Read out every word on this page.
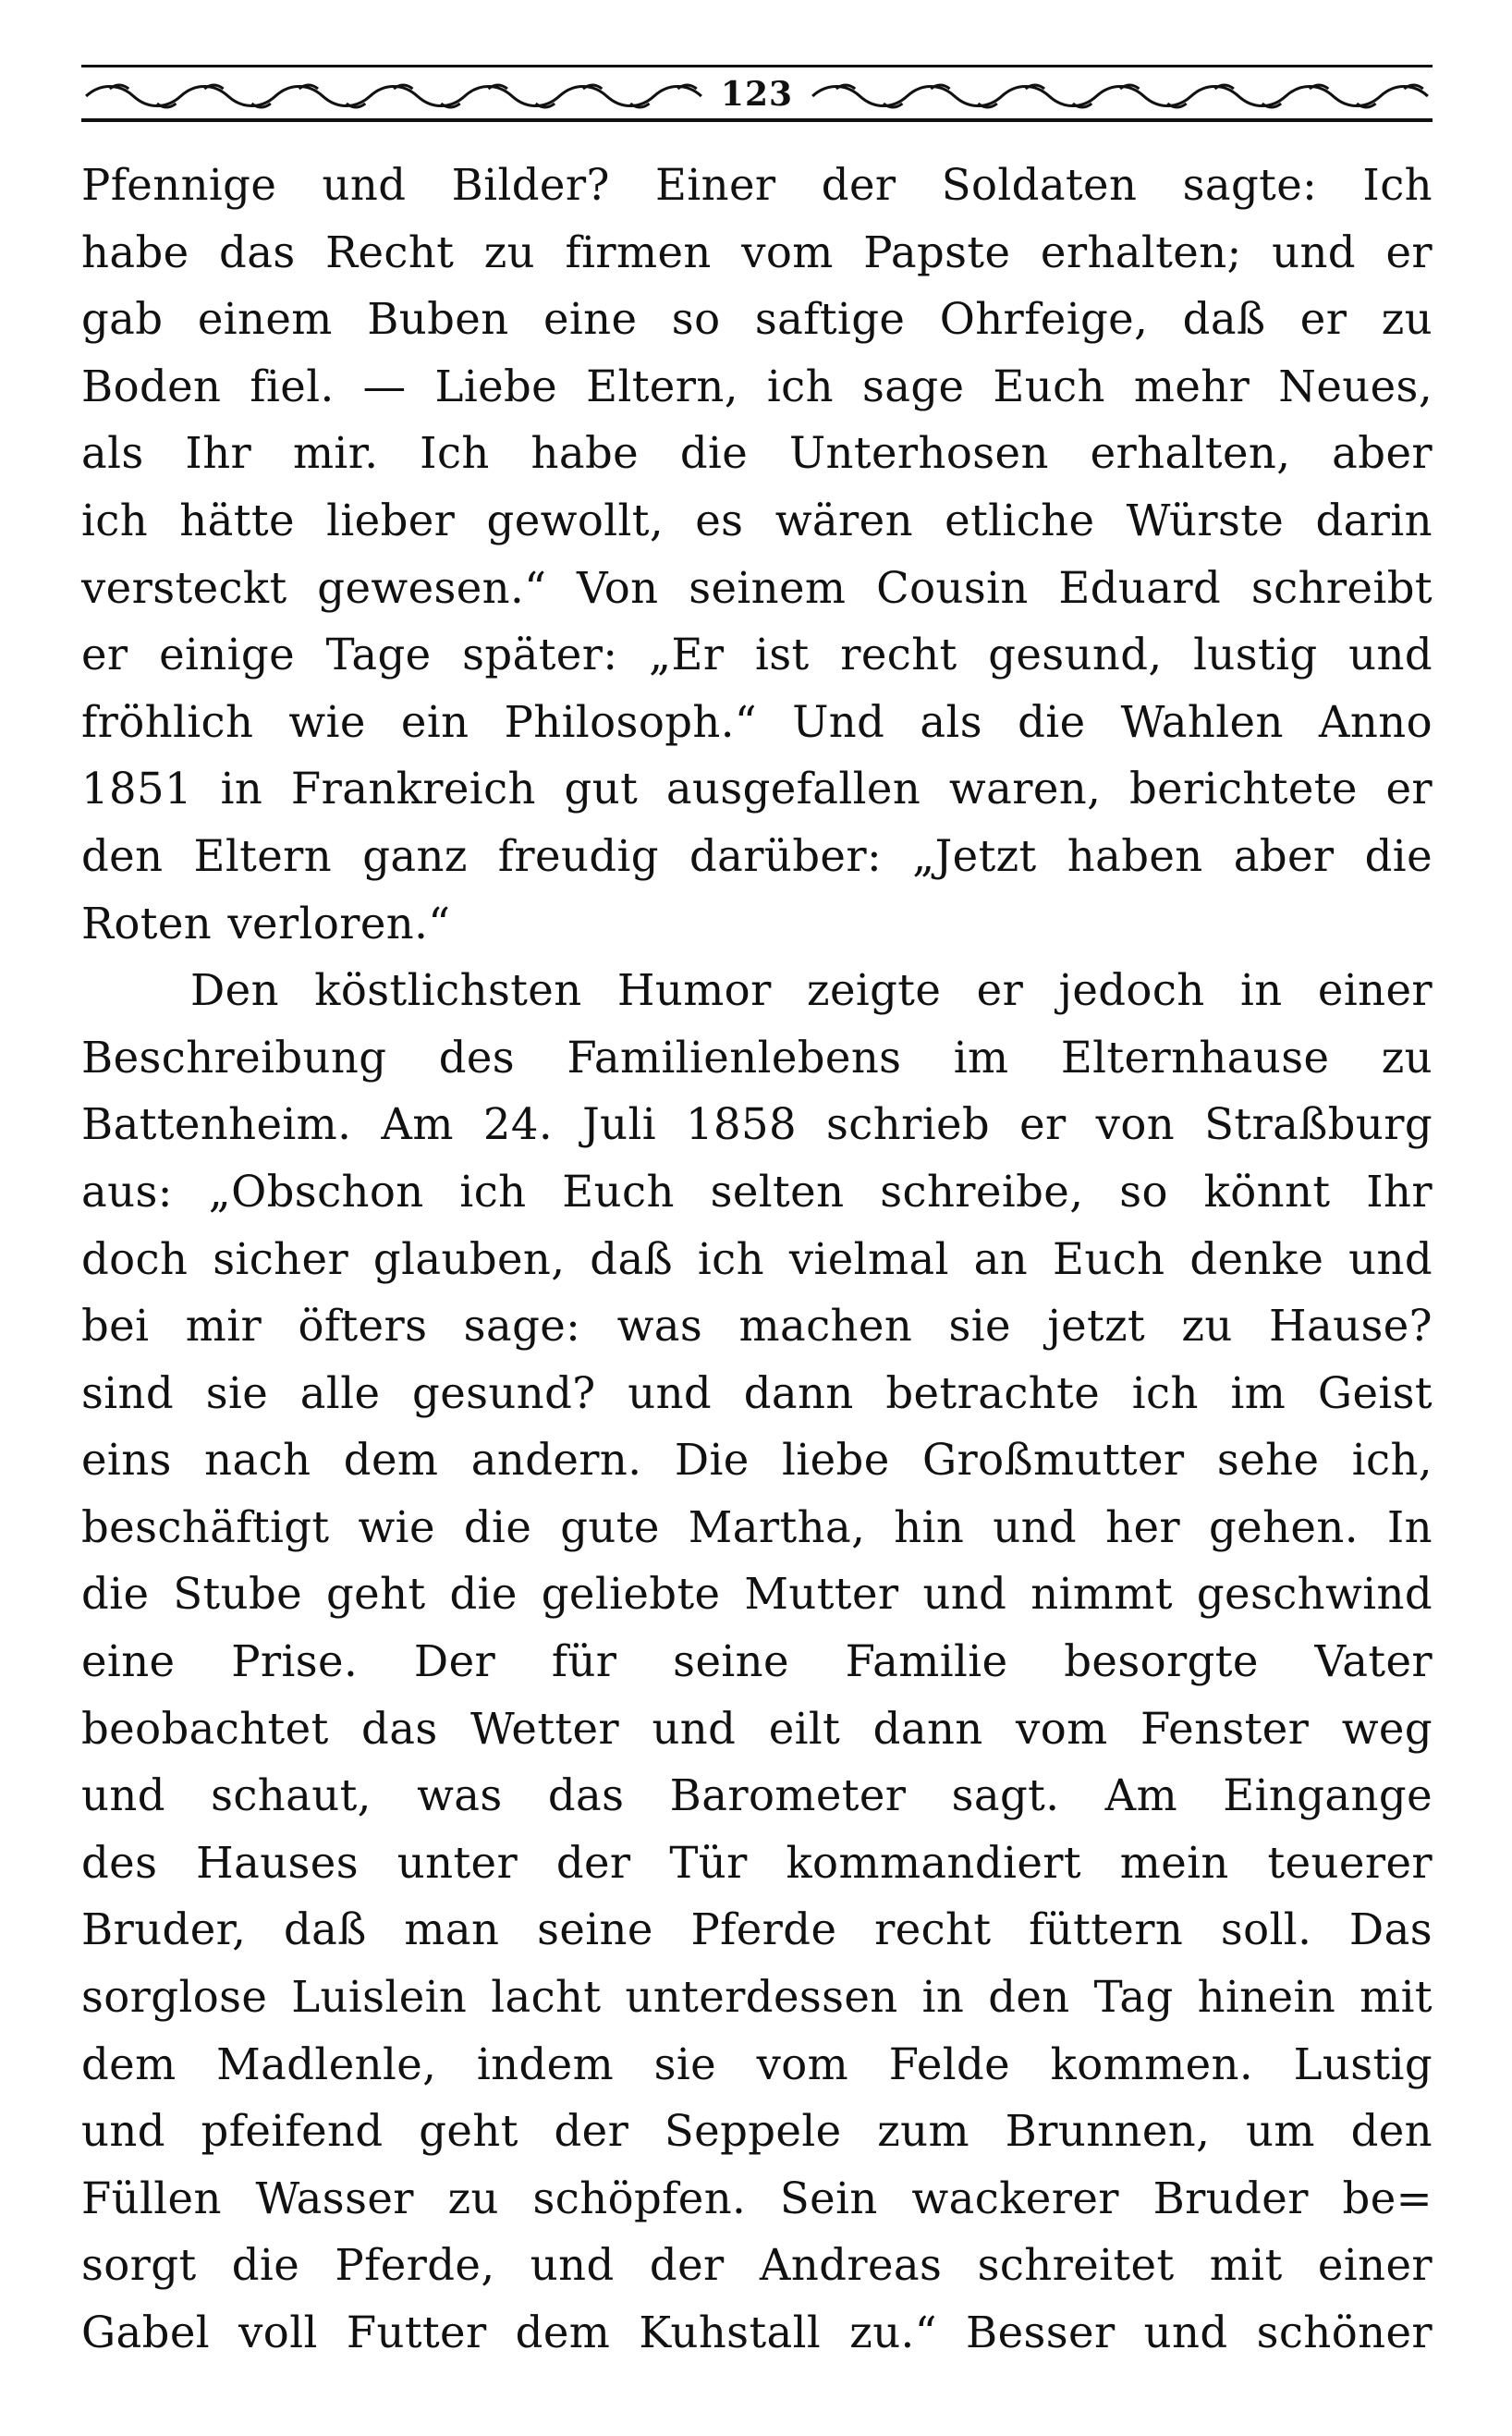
123

Pfennige und Bilder? Einer der Soldaten sagte: Ich

habe das Recht zu firmen vom Papste erhalten; und er

gab einem Buben eine so saftige Ohrfeige, daß er zu

Boden fiel. — Liebe Eltern, ich sage Euch mehr Neues,

als Ihr mir. Ich habe die Unterhosen erhalten, aber

ich hätte lieber gewollt, es wären etliche Würste darin

versteckt gewesen.“ Von seinem Cousin Eduard schreibt

er einige Tage später: „Er ist recht gesund, lustig und

fröhlich wie ein Philosoph.“ Und als die Wahlen Anno

1851 in Frankreich gut ausgefallen waren, berichtete er

den Eltern ganz freudig darüber: „Jetzt haben aber die

Roten verloren.“

Den köstlichsten Humor zeigte er jedoch in einer

Beschreibung des Familienlebens im Elternhause zu

Battenheim. Am 24. Juli 1858 schrieb er von Straßburg

aus: „Obschon ich Euch selten schreibe, so könnt Ihr

doch sicher glauben, daß ich vielmal an Euch denke und

bei mir öfters sage: was machen sie jetzt zu Hause?

sind sie alle gesund? und dann betrachte ich im Geist

eins nach dem andern. Die liebe Großmutter sehe ich,

beschäftigt wie die gute Martha, hin und her gehen. In

die Stube geht die geliebte Mutter und nimmt geschwind

eine Prise. Der für seine Familie besorgte Vater

beobachtet das Wetter und eilt dann vom Fenster weg

und schaut, was das Barometer sagt. Am Eingange

des Hauses unter der Tür kommandiert mein teuerer

Bruder, daß man seine Pferde recht füttern soll. Das

sorglose Luislein lacht unterdessen in den Tag hinein mit

dem Madlenle, indem sie vom Felde kommen. Lustig

und pfeifend geht der Seppele zum Brunnen, um den

Füllen Wasser zu schöpfen. Sein wackerer Bruder be=

sorgt die Pferde, und der Andreas schreitet mit einer

Gabel voll Futter dem Kuhstall zu.“ Besser und schöner
